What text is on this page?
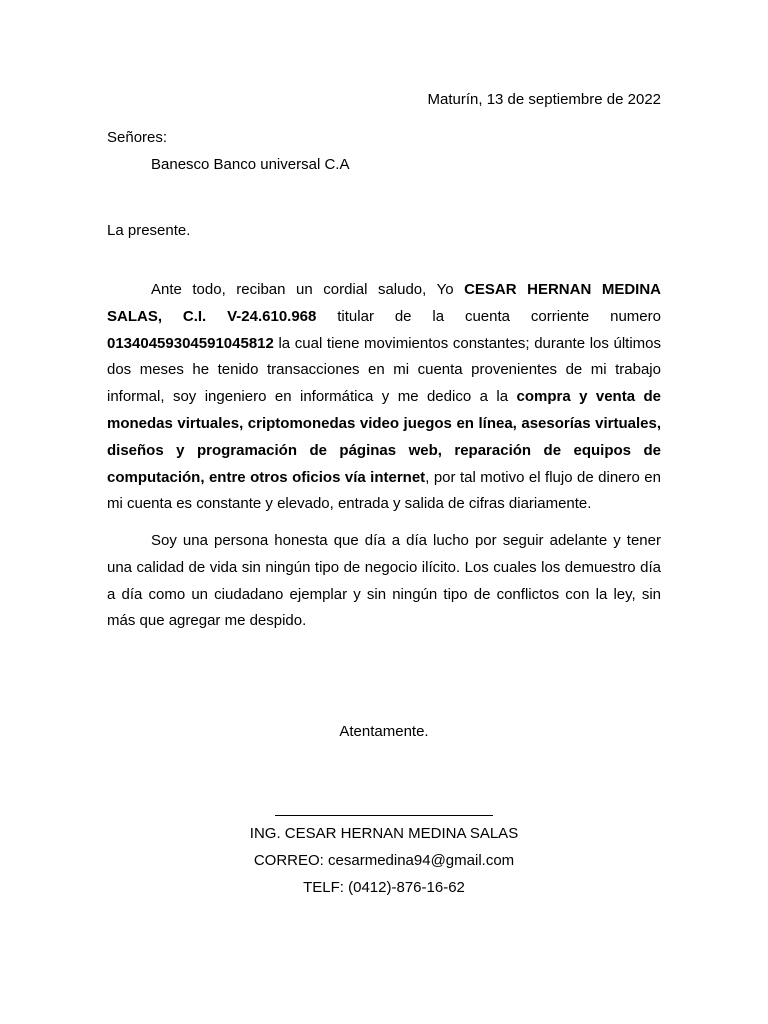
Maturín, 13 de septiembre de 2022
Señores:
Banesco Banco universal C.A
La presente.

Ante todo, reciban un cordial saludo, Yo CESAR HERNAN MEDINA SALAS, C.I. V-24.610.968 titular de la cuenta corriente numero 01340459304591045812 la cual tiene movimientos constantes; durante los últimos dos meses he tenido transacciones en mi cuenta provenientes de mi trabajo informal, soy ingeniero en informática y me dedico a la compra y venta de monedas virtuales, criptomonedas video juegos en línea, asesorías virtuales, diseños y programación de páginas web, reparación de equipos de computación, entre otros oficios vía internet, por tal motivo el flujo de dinero en mi cuenta es constante y elevado, entrada y salida de cifras diariamente.

Soy una persona honesta que día a día lucho por seguir adelante y tener una calidad de vida sin ningún tipo de negocio ilícito. Los cuales los demuestro día a día como un ciudadano ejemplar y sin ningún tipo de conflictos con la ley, sin más que agregar me despido.

Atentamente.
ING. CESAR HERNAN MEDINA SALAS
CORREO: cesarmedina94@gmail.com
TELF: (0412)-876-16-62
